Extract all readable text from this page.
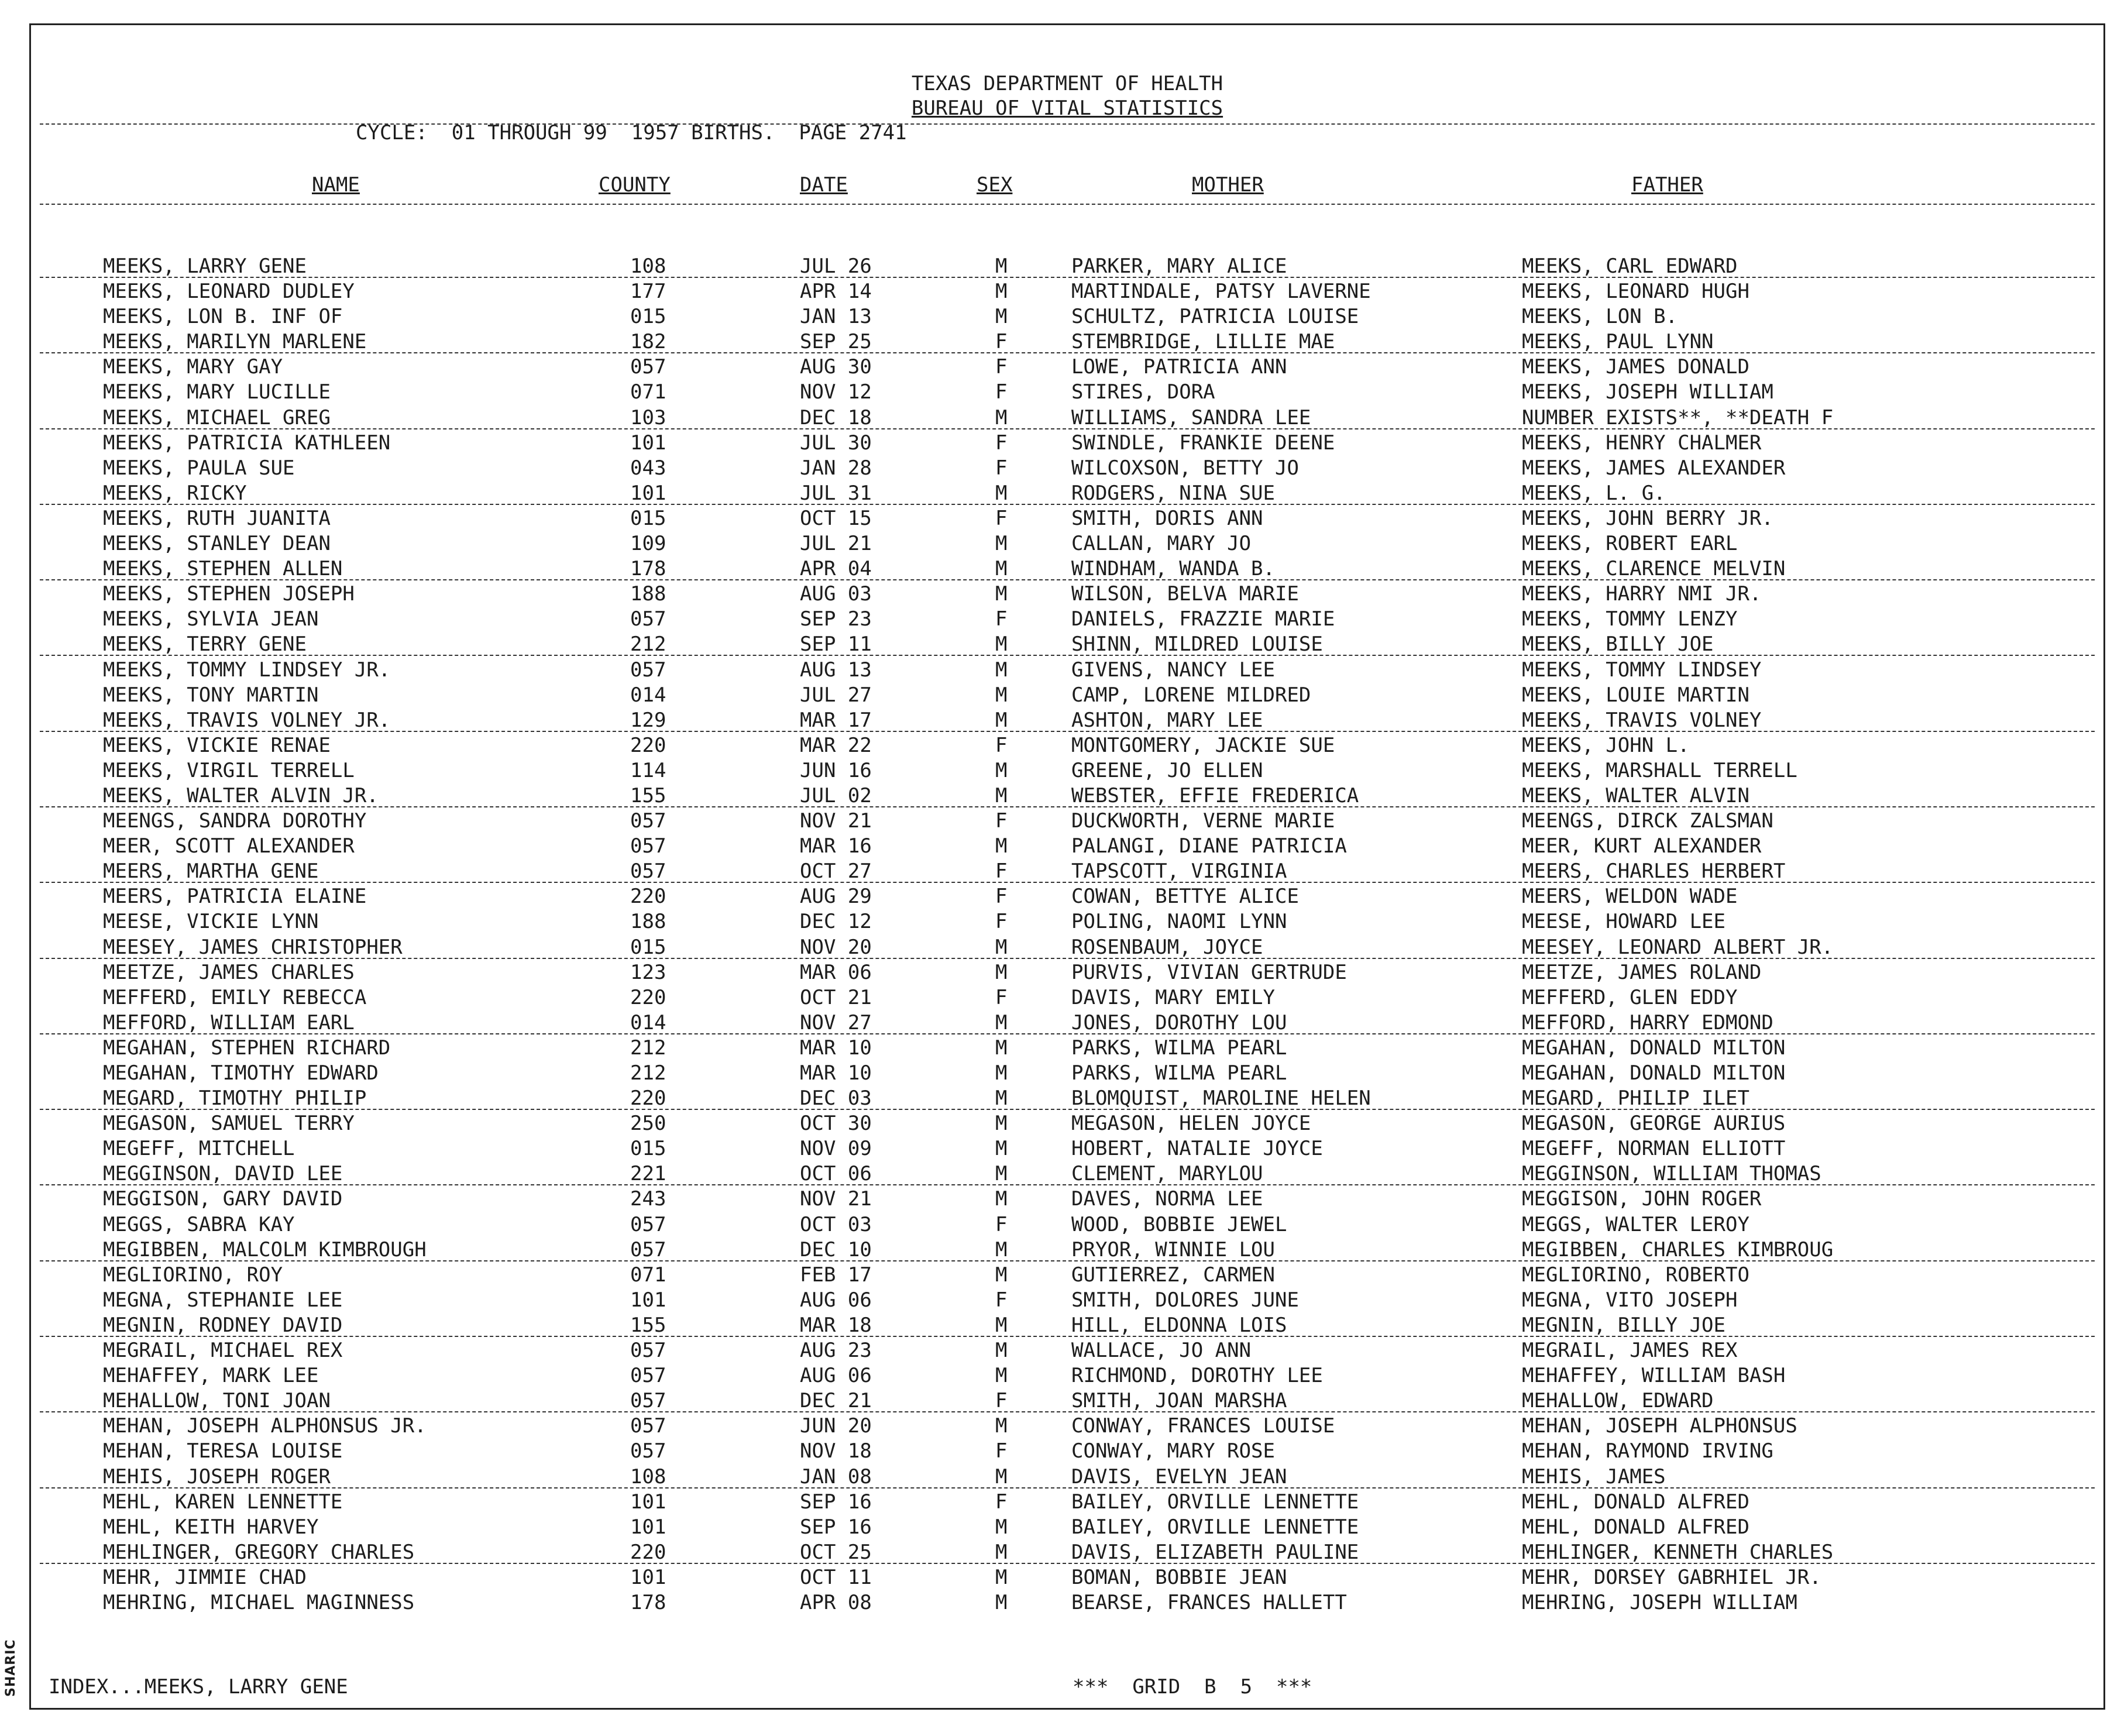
SHARIC
TEXAS DEPARTMENT OF HEALTH
BUREAU OF VITAL STATISTICS
CYCLE:  01 THROUGH 99  1957 BIRTHS.  PAGE 2741
NAME	COUNTY	DATE	SEX	MOTHER	FATHER
MEEKS, LARRY GENE	108	JUL 26	M	PARKER, MARY ALICE	MEEKS, CARL EDWARD
MEEKS, LEONARD DUDLEY	177	APR 14	M	MARTINDALE, PATSY LAVERNE	MEEKS, LEONARD HUGH
MEEKS, LON B. INF OF	015	JAN 13	M	SCHULTZ, PATRICIA LOUISE	MEEKS, LON B.
MEEKS, MARILYN MARLENE	182	SEP 25	F	STEMBRIDGE, LILLIE MAE	MEEKS, PAUL LYNN
MEEKS, MARY GAY	057	AUG 30	F	LOWE, PATRICIA ANN	MEEKS, JAMES DONALD
MEEKS, MARY LUCILLE	071	NOV 12	F	STIRES, DORA	MEEKS, JOSEPH WILLIAM
MEEKS, MICHAEL GREG	103	DEC 18	M	WILLIAMS, SANDRA LEE	NUMBER EXISTS**, **DEATH F
MEEKS, PATRICIA KATHLEEN	101	JUL 30	F	SWINDLE, FRANKIE DEENE	MEEKS, HENRY CHALMER
MEEKS, PAULA SUE	043	JAN 28	F	WILCOXSON, BETTY JO	MEEKS, JAMES ALEXANDER
MEEKS, RICKY	101	JUL 31	M	RODGERS, NINA SUE	MEEKS, L. G.
MEEKS, RUTH JUANITA	015	OCT 15	F	SMITH, DORIS ANN	MEEKS, JOHN BERRY JR.
MEEKS, STANLEY DEAN	109	JUL 21	M	CALLAN, MARY JO	MEEKS, ROBERT EARL
MEEKS, STEPHEN ALLEN	178	APR 04	M	WINDHAM, WANDA B.	MEEKS, CLARENCE MELVIN
MEEKS, STEPHEN JOSEPH	188	AUG 03	M	WILSON, BELVA MARIE	MEEKS, HARRY NMI JR.
MEEKS, SYLVIA JEAN	057	SEP 23	F	DANIELS, FRAZZIE MARIE	MEEKS, TOMMY LENZY
MEEKS, TERRY GENE	212	SEP 11	M	SHINN, MILDRED LOUISE	MEEKS, BILLY JOE
MEEKS, TOMMY LINDSEY JR.	057	AUG 13	M	GIVENS, NANCY LEE	MEEKS, TOMMY LINDSEY
MEEKS, TONY MARTIN	014	JUL 27	M	CAMP, LORENE MILDRED	MEEKS, LOUIE MARTIN
MEEKS, TRAVIS VOLNEY JR.	129	MAR 17	M	ASHTON, MARY LEE	MEEKS, TRAVIS VOLNEY
MEEKS, VICKIE RENAE	220	MAR 22	F	MONTGOMERY, JACKIE SUE	MEEKS, JOHN L.
MEEKS, VIRGIL TERRELL	114	JUN 16	M	GREENE, JO ELLEN	MEEKS, MARSHALL TERRELL
MEEKS, WALTER ALVIN JR.	155	JUL 02	M	WEBSTER, EFFIE FREDERICA	MEEKS, WALTER ALVIN
MEENGS, SANDRA DOROTHY	057	NOV 21	F	DUCKWORTH, VERNE MARIE	MEENGS, DIRCK ZALSMAN
MEER, SCOTT ALEXANDER	057	MAR 16	M	PALANGI, DIANE PATRICIA	MEER, KURT ALEXANDER
MEERS, MARTHA GENE	057	OCT 27	F	TAPSCOTT, VIRGINIA	MEERS, CHARLES HERBERT
MEERS, PATRICIA ELAINE	220	AUG 29	F	COWAN, BETTYE ALICE	MEERS, WELDON WADE
MEESE, VICKIE LYNN	188	DEC 12	F	POLING, NAOMI LYNN	MEESE, HOWARD LEE
MEESEY, JAMES CHRISTOPHER	015	NOV 20	M	ROSENBAUM, JOYCE	MEESEY, LEONARD ALBERT JR.
MEETZE, JAMES CHARLES	123	MAR 06	M	PURVIS, VIVIAN GERTRUDE	MEETZE, JAMES ROLAND
MEFFERD, EMILY REBECCA	220	OCT 21	F	DAVIS, MARY EMILY	MEFFERD, GLEN EDDY
MEFFORD, WILLIAM EARL	014	NOV 27	M	JONES, DOROTHY LOU	MEFFORD, HARRY EDMOND
MEGAHAN, STEPHEN RICHARD	212	MAR 10	M	PARKS, WILMA PEARL	MEGAHAN, DONALD MILTON
MEGAHAN, TIMOTHY EDWARD	212	MAR 10	M	PARKS, WILMA PEARL	MEGAHAN, DONALD MILTON
MEGARD, TIMOTHY PHILIP	220	DEC 03	M	BLOMQUIST, MAROLINE HELEN	MEGARD, PHILIP ILET
MEGASON, SAMUEL TERRY	250	OCT 30	M	MEGASON, HELEN JOYCE	MEGASON, GEORGE AURIUS
MEGEFF, MITCHELL	015	NOV 09	M	HOBERT, NATALIE JOYCE	MEGEFF, NORMAN ELLIOTT
MEGGINSON, DAVID LEE	221	OCT 06	M	CLEMENT, MARYLOU	MEGGINSON, WILLIAM THOMAS
MEGGISON, GARY DAVID	243	NOV 21	M	DAVES, NORMA LEE	MEGGISON, JOHN ROGER
MEGGS, SABRA KAY	057	OCT 03	F	WOOD, BOBBIE JEWEL	MEGGS, WALTER LEROY
MEGIBBEN, MALCOLM KIMBROUGH	057	DEC 10	M	PRYOR, WINNIE LOU	MEGIBBEN, CHARLES KIMBROUG
MEGLIORINO, ROY	071	FEB 17	M	GUTIERREZ, CARMEN	MEGLIORINO, ROBERTO
MEGNA, STEPHANIE LEE	101	AUG 06	F	SMITH, DOLORES JUNE	MEGNA, VITO JOSEPH
MEGNIN, RODNEY DAVID	155	MAR 18	M	HILL, ELDONNA LOIS	MEGNIN, BILLY JOE
MEGRAIL, MICHAEL REX	057	AUG 23	M	WALLACE, JO ANN	MEGRAIL, JAMES REX
MEHAFFEY, MARK LEE	057	AUG 06	M	RICHMOND, DOROTHY LEE	MEHAFFEY, WILLIAM BASH
MEHALLOW, TONI JOAN	057	DEC 21	F	SMITH, JOAN MARSHA	MEHALLOW, EDWARD
MEHAN, JOSEPH ALPHONSUS JR.	057	JUN 20	M	CONWAY, FRANCES LOUISE	MEHAN, JOSEPH ALPHONSUS
MEHAN, TERESA LOUISE	057	NOV 18	F	CONWAY, MARY ROSE	MEHAN, RAYMOND IRVING
MEHIS, JOSEPH ROGER	108	JAN 08	M	DAVIS, EVELYN JEAN	MEHIS, JAMES
MEHL, KAREN LENNETTE	101	SEP 16	F	BAILEY, ORVILLE LENNETTE	MEHL, DONALD ALFRED
MEHL, KEITH HARVEY	101	SEP 16	M	BAILEY, ORVILLE LENNETTE	MEHL, DONALD ALFRED
MEHLINGER, GREGORY CHARLES	220	OCT 25	M	DAVIS, ELIZABETH PAULINE	MEHLINGER, KENNETH CHARLES
MEHR, JIMMIE CHAD	101	OCT 11	M	BOMAN, BOBBIE JEAN	MEHR, DORSEY GABRHIEL JR.
MEHRING, MICHAEL MAGINNESS	178	APR 08	M	BEARSE, FRANCES HALLETT	MEHRING, JOSEPH WILLIAM
INDEX...MEEKS, LARRY GENE	***  GRID  B  5  ***
